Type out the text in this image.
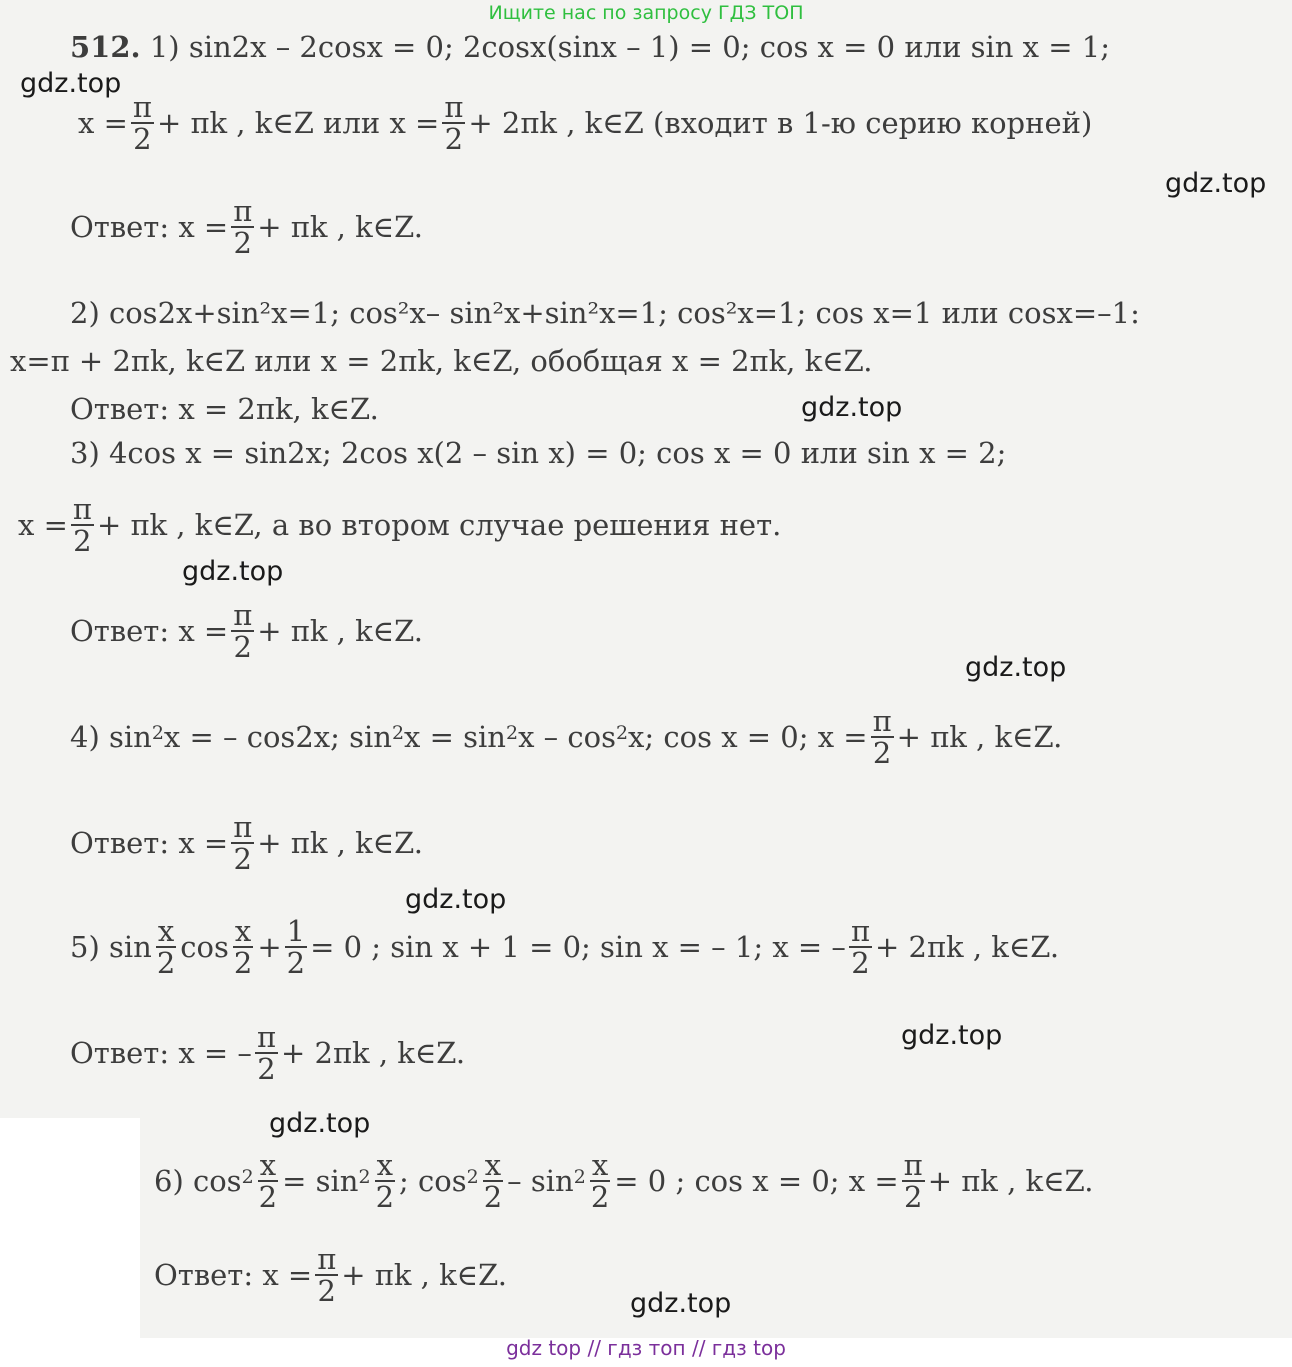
Ищите нас по запросу ГДЗ ТОП
gdz.top
gdz.top
gdz.top
gdz.top
gdz.top
gdz.top
gdz.top
gdz.top
gdz.top
512.
1) sin2x – 2cosx = 0; 2cosx(sinx – 1) = 0; cos x = 0 или sin x = 1;
$x = \frac{\pi}{2} + \pi k$ , k∈Z или $x = \frac{\pi}{2} + 2\pi k$ , k∈Z (входит в 1-ю серию корней)
Ответ: $x = \frac{\pi}{2} + \pi k$ , k∈Z.
2) cos2x+sin²x=1; cos²x– sin²x+sin²x=1; cos²x=1; cos x=1 или cosx=–1:
x=π + 2πk, k∈Z или x = 2πk, k∈Z, обобщая x = 2πk, k∈Z.
Ответ: x = 2πk, k∈Z.
3) 4cos x = sin2x; 2cos x(2 – sin x) = 0; cos x = 0 или sin x = 2;
$x = \frac{\pi}{2} + \pi k$ , k∈Z, а во втором случае решения нет.
Ответ: $x = \frac{\pi}{2} + \pi k$ , k∈Z.
4) $\sin^2 x$ = – cos2x; $\sin^2 x = \sin^2 x - \cos^2 x$; cos x = 0; $x = \frac{\pi}{2} + \pi k$ , k∈Z.
Ответ: $x = \frac{\pi}{2} + \pi k$ , k∈Z.
5) $\sin \frac{x}{2}$ $\cos \frac{x}{2} + \frac{1}{2} = 0$ ; sin x + 1 = 0; sin x = – 1; x = – $\frac{\pi}{2} + 2\pi k$ , k∈Z.
Ответ: x = – $\frac{\pi}{2} + 2\pi k$ , k∈Z.
6) $\cos^2 \frac{x}{2} = \sin^2 \frac{x}{2}$ ; $\cos^2 \frac{x}{2} - \sin^2 \frac{x}{2} = 0$ ; cos x = 0; $x = \frac{\pi}{2} + \pi k$ , k∈Z.
Ответ: $x = \frac{\pi}{2} + \pi k$ , k∈Z.
gdz top // гдз топ // гдз top
